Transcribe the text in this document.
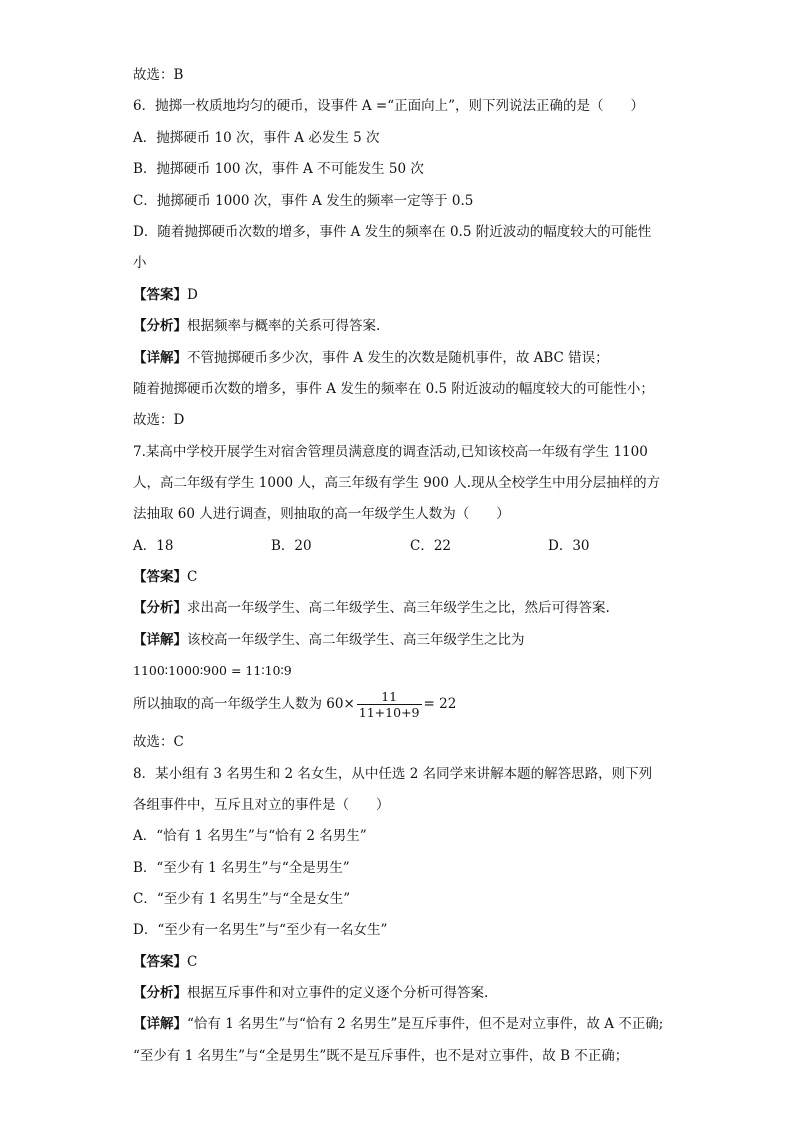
故选：B
6．抛掷一枚质地均匀的硬币，设事件 A =“正面向上”，则下列说法正确的是（　　）
A．抛掷硬币 10 次，事件 A 必发生 5 次
B．抛掷硬币 100 次，事件 A 不可能发生 50 次
C．抛掷硬币 1000 次，事件 A 发生的频率一定等于 0.5
D．随着抛掷硬币次数的增多，事件 A 发生的频率在 0.5 附近波动的幅度较大的可能性
小
【答案】D
【分析】根据频率与概率的关系可得答案.
【详解】不管抛掷硬币多少次，事件 A 发生的次数是随机事件，故 ABC 错误；
随着抛掷硬币次数的增多，事件 A 发生的频率在 0.5 附近波动的幅度较大的可能性小；
故选：D
7.某高中学校开展学生对宿舍管理员满意度的调查活动,已知该校高一年级有学生 1100
人，高二年级有学生 1000 人，高三年级有学生 900 人.现从全校学生中用分层抽样的方
法抽取 60 人进行调查，则抽取的高一年级学生人数为（　　）
A．18	B．20	C．22	D．30
【答案】C
【分析】求出高一年级学生、高二年级学生、高三年级学生之比，然后可得答案.
【详解】该校高一年级学生、高二年级学生、高三年级学生之比为
1100∶1000∶900 = 11∶10∶9
所以抽取的高一年级学生人数为 $60\times \frac{11}{11+10+9} = 22$
故选：C
8．某小组有 3 名男生和 2 名女生，从中任选 2 名同学来讲解本题的解答思路，则下列
各组事件中，互斥且对立的事件是（　　）
A．“恰有 1 名男生”与“恰有 2 名男生”
B．“至少有 1 名男生”与“全是男生”
C．“至少有 1 名男生”与“全是女生”
D．“至少有一名男生”与“至少有一名女生”
【答案】C
【分析】根据互斥事件和对立事件的定义逐个分析可得答案.
【详解】“恰有 1 名男生”与“恰有 2 名男生”是互斥事件，但不是对立事件，故 A 不正确;
“至少有 1 名男生”与“全是男生”既不是互斥事件，也不是对立事件，故 B 不正确；
